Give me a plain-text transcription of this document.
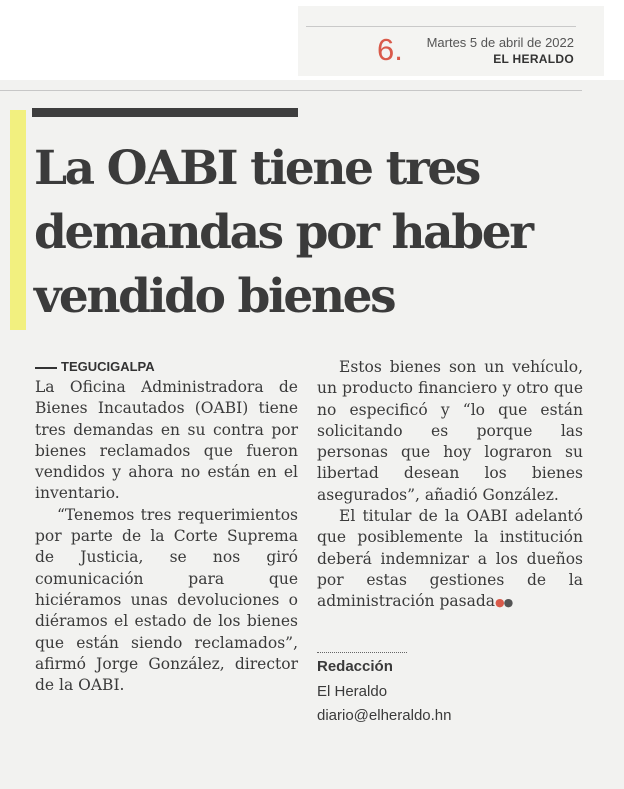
6. Martes 5 de abril de 2022
EL HERALDO
La OABI tiene tres demandas por haber vendido bienes
TEGUCIGALPA

La Oficina Administradora de Bienes Incautados (OABI) tiene tres demandas en su contra por bienes reclamados que fueron vendidos y ahora no están en el inventario.

“Tenemos tres requerimientos por parte de la Corte Suprema de Justicia, se nos giró comunicación para que hiciéramos unas devoluciones o diéramos el estado de los bienes que están siendo reclamados”, afirmó Jorge González, director de la OABI.

Estos bienes son un vehículo, un producto financiero y otro que no especificó y “lo que están solicitando es porque las personas que hoy lograron su libertad desean los bienes asegurados”, añadió González.

El titular de la OABI adelantó que posiblemente la institución deberá indemnizar a los dueños por estas gestiones de la administración pasada●●

Redacción
El Heraldo
diario@elheraldo.hn
